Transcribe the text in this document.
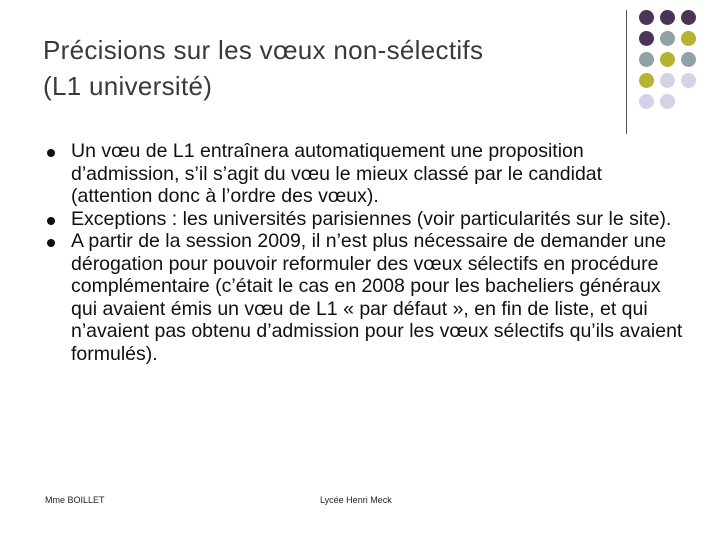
Précisions sur les vœux non-sélectifs
(L1 université)
Un vœu de L1 entraînera automatiquement une proposition d’admission, s’il s’agit du vœu le mieux classé par le candidat (attention donc à l’ordre des vœux).
Exceptions : les universités parisiennes (voir particularités sur le site).
A partir de la session 2009, il n’est plus nécessaire de demander une dérogation pour pouvoir reformuler des vœux sélectifs en procédure complémentaire (c’était le cas en 2008 pour les bacheliers généraux qui avaient émis un vœu de L1 « par défaut », en fin de liste, et qui n’avaient pas obtenu d’admission pour les vœux sélectifs qu’ils avaient formulés).
Mme BOILLET	Lycée Henri Meck
